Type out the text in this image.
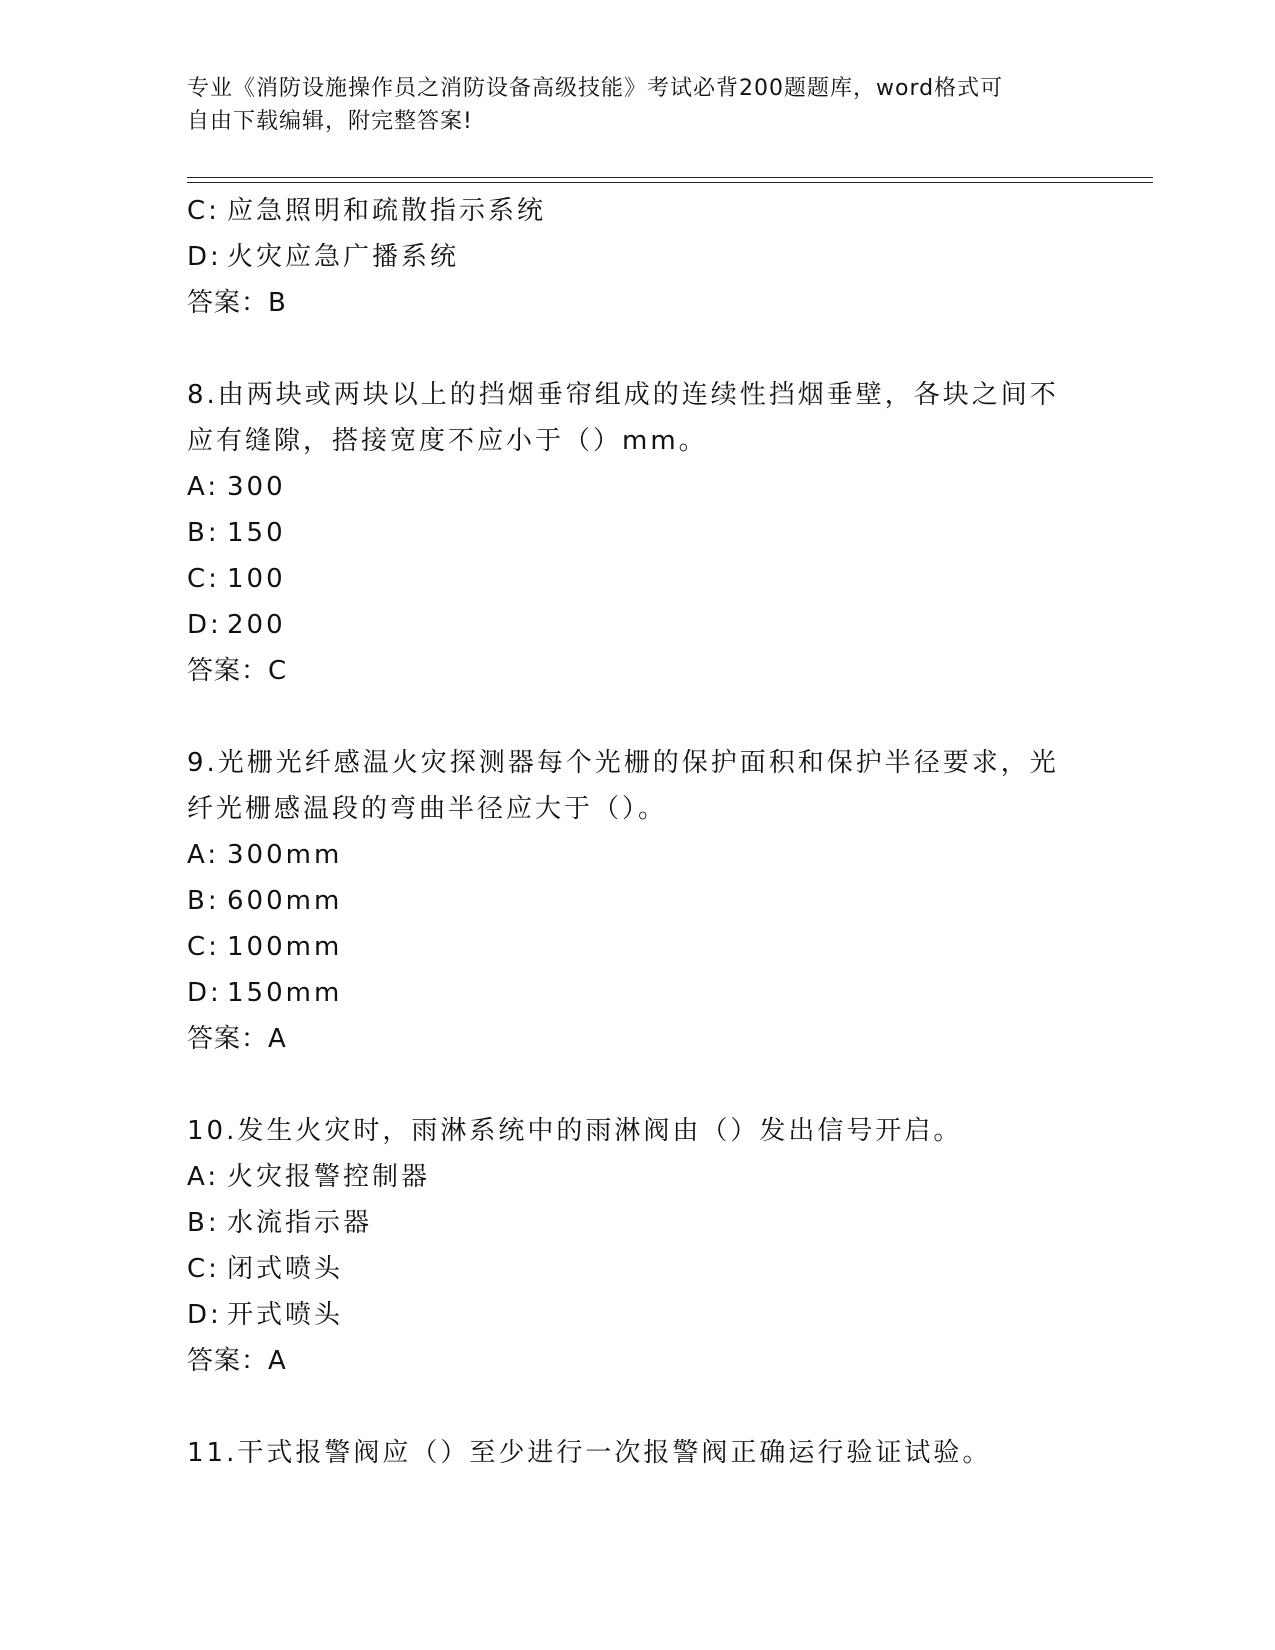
专业《消防设施操作员之消防设备高级技能》考试必背200题题库，word格式可
自由下载编辑，附完整答案!
C: 应急照明和疏散指示系统
D: 火灾应急广播系统
答案：B
8.由两块或两块以上的挡烟垂帘组成的连续性挡烟垂壁，各块之间不
应有缝隙，搭接宽度不应小于（）mm。
A: 300
B: 150
C: 100
D: 200
答案：C
9.光栅光纤感温火灾探测器每个光栅的保护面积和保护半径要求，光
纤光栅感温段的弯曲半径应大于（）。
A: 300mm
B: 600mm
C: 100mm
D: 150mm
答案：A
10.发生火灾时，雨淋系统中的雨淋阀由（）发出信号开启。
A: 火灾报警控制器
B: 水流指示器
C: 闭式喷头
D: 开式喷头
答案：A
11.干式报警阀应（）至少进行一次报警阀正确运行验证试验。
